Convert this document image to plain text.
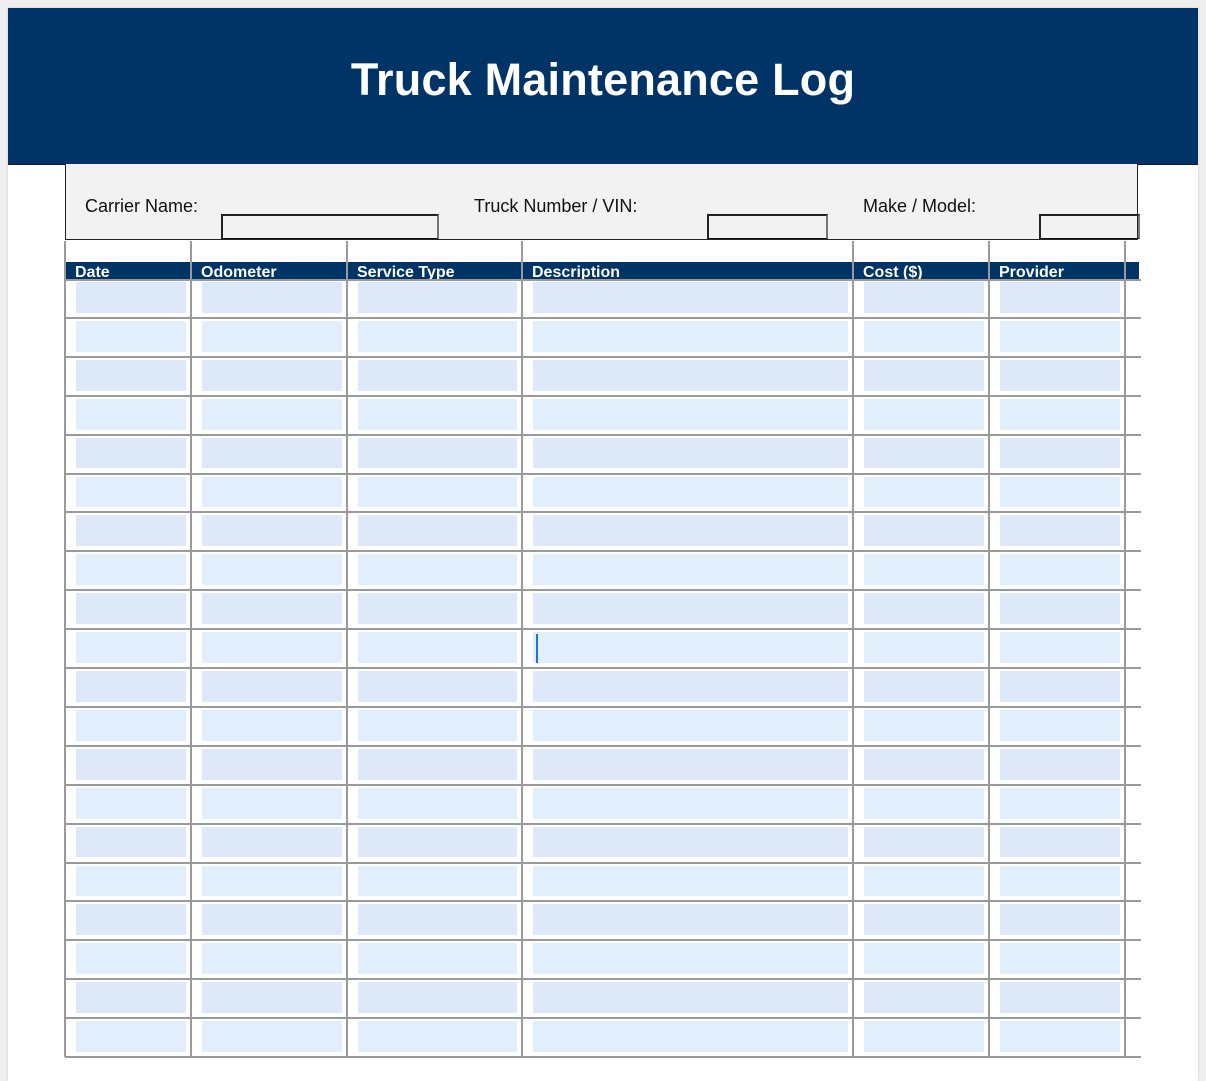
Truck Maintenance Log
Carrier Name:	Truck Number / VIN:	Make / Model:
Date	Odometer	Service Type	Description	Cost ($)	Provider
